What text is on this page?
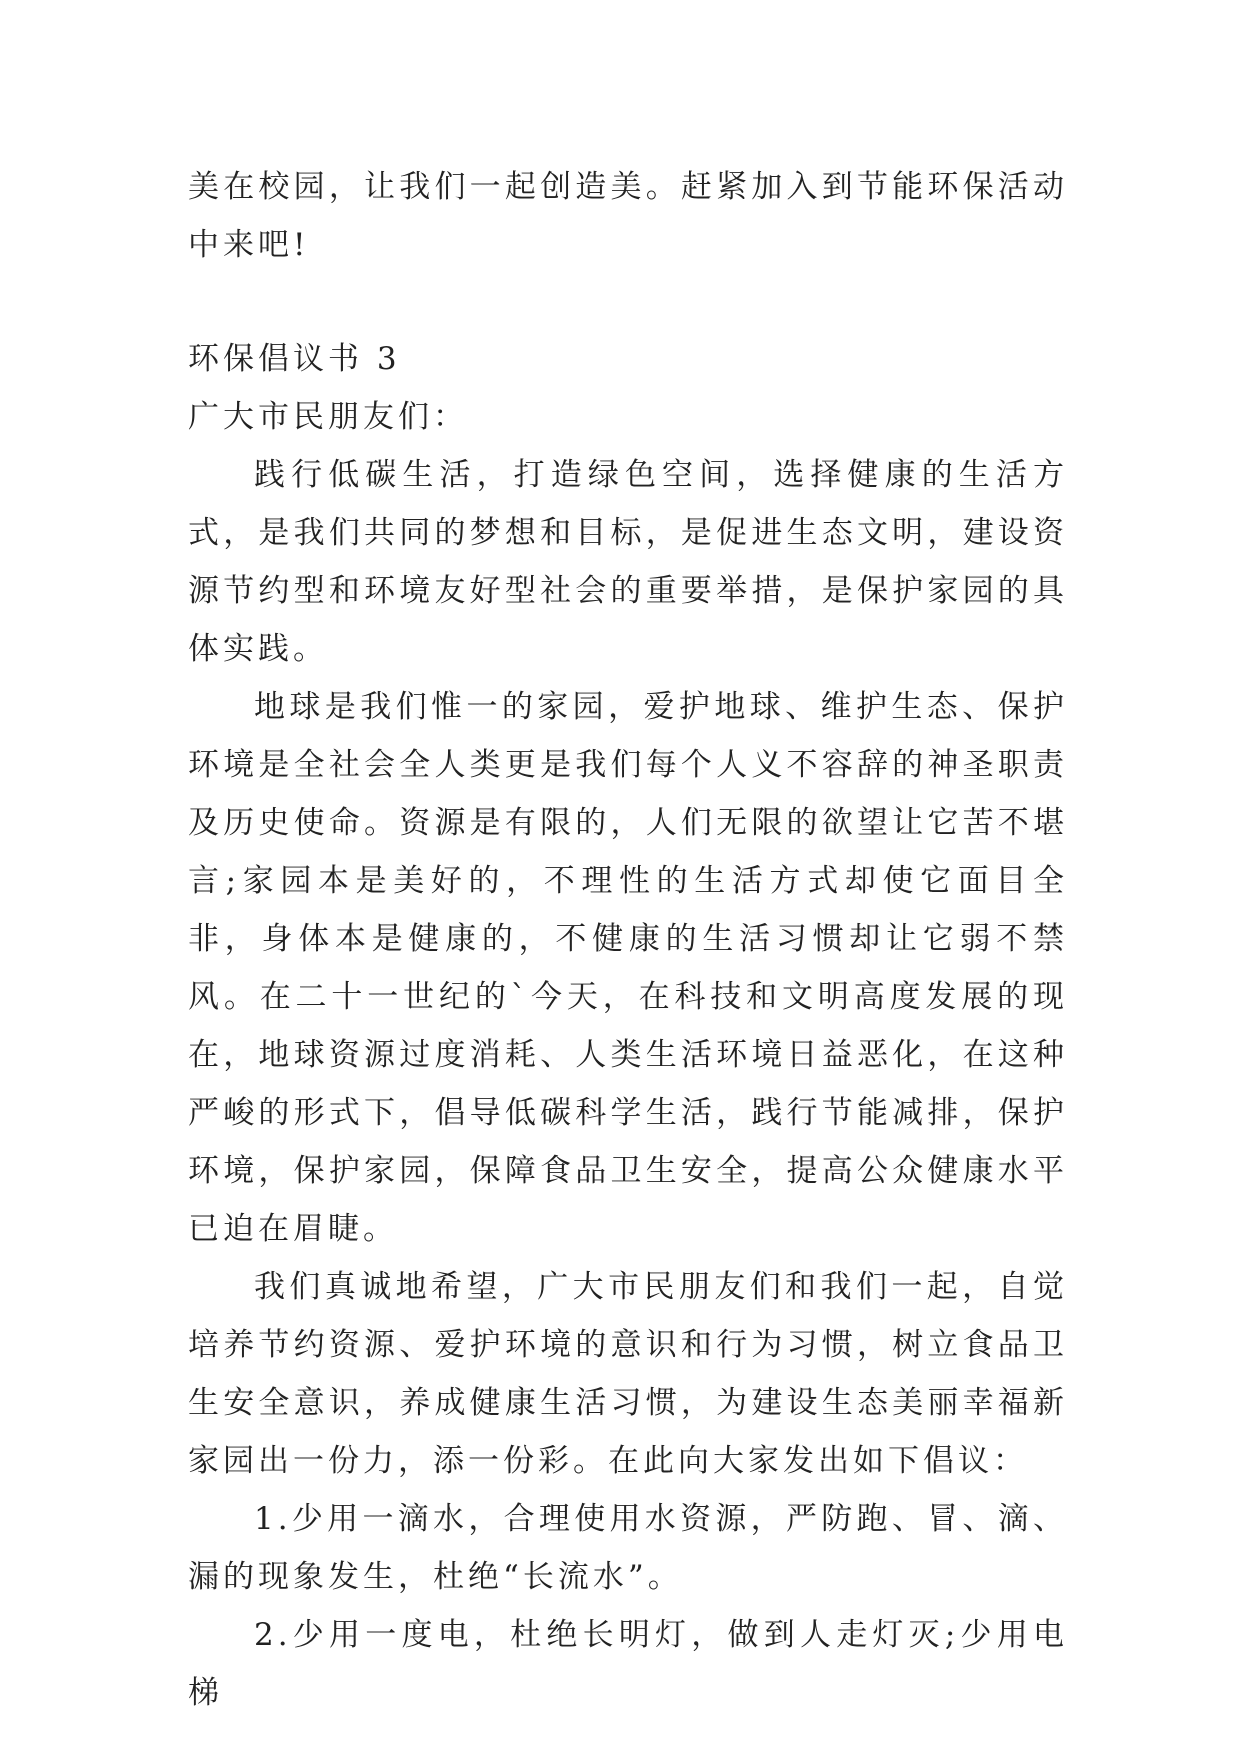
美在校园，让我们一起创造美。赶紧加入到节能环保活动中来吧!

环保倡议书 3

广大市民朋友们：

践行低碳生活，打造绿色空间，选择健康的生活方式，是我们共同的梦想和目标，是促进生态文明，建设资源节约型和环境友好型社会的重要举措，是保护家园的具体实践。

地球是我们惟一的家园，爱护地球、维护生态、保护环境是全社会全人类更是我们每个人义不容辞的神圣职责及历史使命。资源是有限的，人们无限的欲望让它苦不堪言;家园本是美好的，不理性的生活方式却使它面目全非，身体本是健康的，不健康的生活习惯却让它弱不禁风。在二十一世纪的`今天，在科技和文明高度发展的现在，地球资源过度消耗、人类生活环境日益恶化，在这种严峻的形式下，倡导低碳科学生活，践行节能减排，保护环境，保护家园，保障食品卫生安全，提高公众健康水平已迫在眉睫。

我们真诚地希望，广大市民朋友们和我们一起，自觉培养节约资源、爱护环境的意识和行为习惯，树立食品卫生安全意识，养成健康生活习惯，为建设生态美丽幸福新家园出一份力，添一份彩。在此向大家发出如下倡议：

1.少用一滴水，合理使用水资源，严防跑、冒、滴、漏的现象发生，杜绝“长流水”。

2.少用一度电，杜绝长明灯，做到人走灯灭;少用电梯
